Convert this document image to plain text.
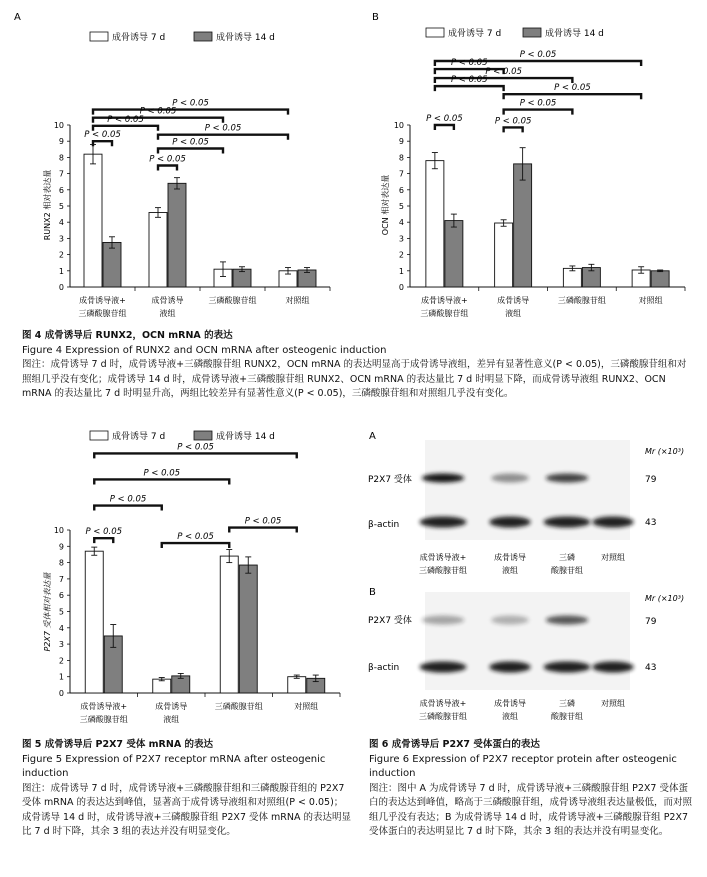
A
成骨诱导 7 d	成骨诱导 14 d
RUNX2 相对表达量
0
1
2
3
4
5
6
7
8
9
10
成骨诱导液+
三磷酸腺苷组
成骨诱导
液组
三磷酸腺苷组	对照组
P < 0.05
P < 0.05
P < 0.05
P < 0.05
P < 0.05
P < 0.05
P < 0.05
B
成骨诱导 7 d	成骨诱导 14 d
OCN 相对表达量
0
1
2
3
4
5
6
7
8
9
10
成骨诱导液+
三磷酸腺苷组
成骨诱导
液组
三磷酸腺苷组	对照组
P < 0.05
P < 0.05
P < 0.05
P < 0.05
P < 0.05
P < 0.05
P < 0.05	P < 0.05
图 4 成骨诱导后 RUNX2，OCN mRNA 的表达
Figure 4 Expression of RUNX2 and OCN mRNA after osteogenic induction
图注：成骨诱导 7 d 时，成骨诱导液+三磷酸腺苷组 RUNX2，OCN mRNA 的表达明显高于成骨诱导液组，差异有显著性意义(P < 0.05)，三磷酸腺苷组和对照组几乎没有变化；成骨诱导 14 d 时，成骨诱导液+三磷酸腺苷组 RUNX2、OCN mRNA 的表达量比 7 d 时明显下降，而成骨诱导液组 RUNX2、OCN mRNA 的表达量比 7 d 时明显升高，两组比较差异有显著性意义(P < 0.05)，三磷酸腺苷组和对照组几乎没有变化。
成骨诱导 7 d	成骨诱导 14 d
P2X7 受体相对表达量
0
1
2
3
4
5
6
7
8
9
10
成骨诱导液+
三磷酸腺苷组
成骨诱导
液组
三磷酸腺苷组	对照组
P < 0.05
P < 0.05
P < 0.05
P < 0.05	P < 0.05
P < 0.05
图 5 成骨诱导后 P2X7 受体 mRNA 的表达
Figure 5 Expression of P2X7 receptor mRNA after osteogenic induction
图注：成骨诱导 7 d 时，成骨诱导液+三磷酸腺苷组和三磷酸腺苷组的 P2X7 受体 mRNA 的表达达到峰值，显著高于成骨诱导液组和对照组(P < 0.05)；成骨诱导 14 d 时，成骨诱导液+三磷酸腺苷组 P2X7 受体 mRNA 的表达明显比 7 d 时下降，其余 3 组的表达并没有明显变化。
A
Mr (×10³)
P2X7 受体
β-actin
79
43
成骨诱导液+
三磷酸腺苷组
成骨诱导
液组
三磷
酸腺苷组
对照组
B
Mr (×10³)
P2X7 受体
β-actin
79
43
成骨诱导液+
三磷酸腺苷组
成骨诱导
液组
三磷
酸腺苷组
对照组
图 6 成骨诱导后 P2X7 受体蛋白的表达
Figure 6 Expression of P2X7 receptor protein after osteogenic induction
图注：图中 A 为成骨诱导 7 d 时，成骨诱导液+三磷酸腺苷组 P2X7 受体蛋白的表达达到峰值，略高于三磷酸腺苷组，成骨诱导液组表达量极低，而对照组几乎没有表达；B 为成骨诱导 14 d 时，成骨诱导液+三磷酸腺苷组 P2X7 受体蛋白的表达明显比 7 d 时下降，其余 3 组的表达并没有明显变化。
